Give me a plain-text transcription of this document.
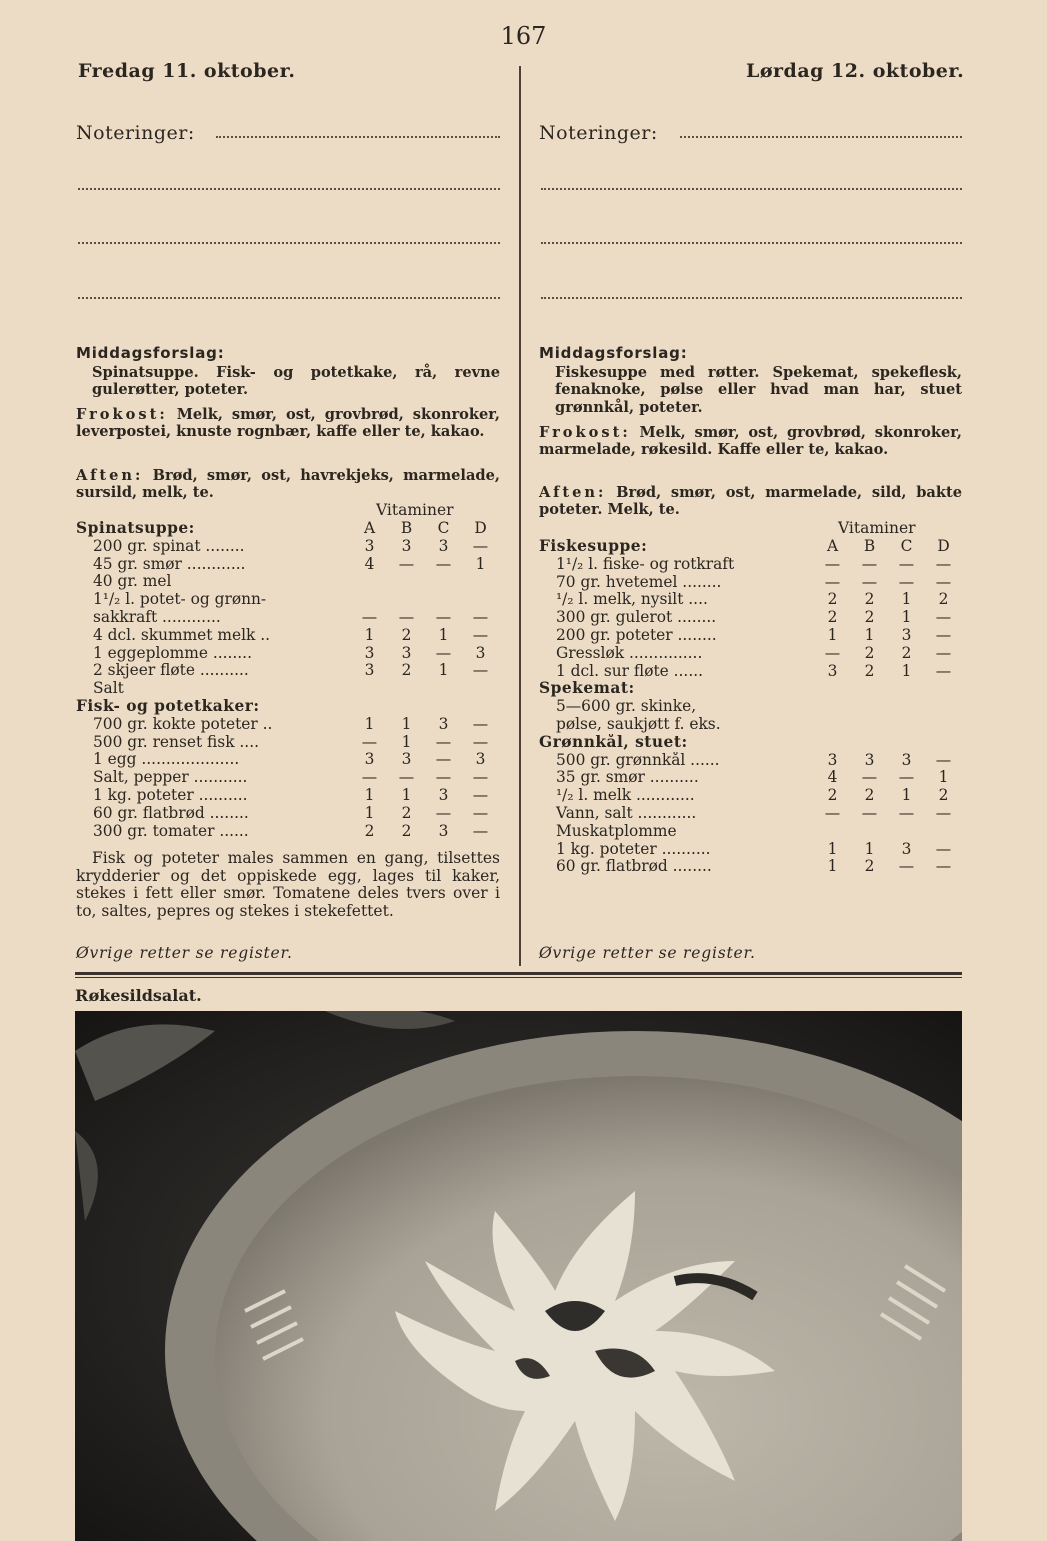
167
Fredag 11. oktober.
Noteringer:
Middagsforslag:
Spinatsuppe. Fisk- og potetkake, rå, revne gulerøtter, poteter.
Frokost: Melk, smør, ost, grovbrød, skonroker, leverpostei, knuste rognbær, kaffe eller te, kakao.
Aften: Brød, smør, ost, havrekjeks, marmelade, sursild, melk, te.
Vitaminer
Spinatsuppe:	A	B	C	D
200 gr. spinat ........	3	3	3	—
45 gr. smør ............	4	—	—	1
40 gr. mel				
1¹/₂ l. potet- og grønn-				
sakkraft ............	—	—	—	—
4 dcl. skummet melk ..	1	2	1	—
1 eggeplomme ........	3	3	—	3
2 skjeer fløte ..........	3	2	1	—
Salt				
Fisk- og potetkaker:				
700 gr. kokte poteter ..	1	1	3	—
500 gr. renset fisk ....	—	1	—	—
1 egg ....................	3	3	—	3
Salt, pepper ...........	—	—	—	—
1 kg. poteter ..........	1	1	3	—
60 gr. flatbrød ........	1	2	—	—
300 gr. tomater ......	2	2	3	—
Fisk og poteter males sammen en gang, tilsettes krydderier og det oppiskede egg, lages til kaker, stekes i fett eller smør. Tomatene deles tvers over i to, saltes, pepres og stekes i stekefettet.
Øvrige retter se register.
Lørdag 12. oktober.
Noteringer:
Middagsforslag:
Fiskesuppe med røtter. Spekemat, spekeflesk, fenaknoke, pølse eller hvad man har, stuet grønnkål, poteter.
Frokost: Melk, smør, ost, grovbrød, skonroker, marmelade, røkesild. Kaffe eller te, kakao.
Aften: Brød, smør, ost, marmelade, sild, bakte poteter. Melk, te.
Vitaminer
Fiskesuppe:	A	B	C	D
1¹/₂ l. fiske- og rotkraft	—	—	—	—
70 gr. hvetemel ........	—	—	—	—
¹/₂ l. melk, nysilt ....	2	2	1	2
300 gr. gulerot ........	2	2	1	—
200 gr. poteter ........	1	1	3	—
Gressløk ...............	—	2	2	—
1 dcl. sur fløte ......	3	2	1	—
Spekemat:				
5—600 gr. skinke,				
pølse, saukjøtt f. eks.				
Grønnkål, stuet:				
500 gr. grønnkål ......	3	3	3	—
35 gr. smør ..........	4	—	—	1
¹/₂ l. melk ............	2	2	1	2
Vann, salt ............	—	—	—	—
Muskatplomme				
1 kg. poteter ..........	1	1	3	—
60 gr. flatbrød ........	1	2	—	—
Øvrige retter se register.
Røkesildsalat.
